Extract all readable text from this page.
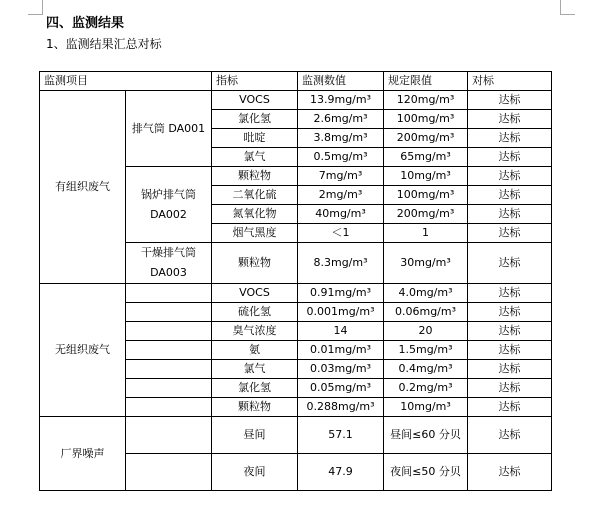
四、监测结果
1、监测结果汇总对标
监测项目		指标	监测数值	规定限值	对标
有组织废气	排气筒 DA001	VOCS	13.9mg/m³	120mg/m³	达标
		氯化氢	2.6mg/m³	100mg/m³	达标
		吡啶	3.8mg/m³	200mg/m³	达标
		氯气	0.5mg/m³	65mg/m³	达标
	锅炉排气筒 DA002	颗粒物	7mg/m³	10mg/m³	达标
		二氧化硫	2mg/m³	100mg/m³	达标
		氮氧化物	40mg/m³	200mg/m³	达标
		烟气黑度	＜1	1	达标
	干燥排气筒 DA003	颗粒物	8.3mg/m³	30mg/m³	达标
无组织废气		VOCS	0.91mg/m³	4.0mg/m³	达标
		硫化氢	0.001mg/m³	0.06mg/m³	达标
		臭气浓度	14	20	达标
		氨	0.01mg/m³	1.5mg/m³	达标
		氯气	0.03mg/m³	0.4mg/m³	达标
		氯化氢	0.05mg/m³	0.2mg/m³	达标
		颗粒物	0.288mg/m³	10mg/m³	达标
厂界噪声		昼间	57.1	昼间≤60 分贝	达标
		夜间	47.9	夜间≤50 分贝	达标
